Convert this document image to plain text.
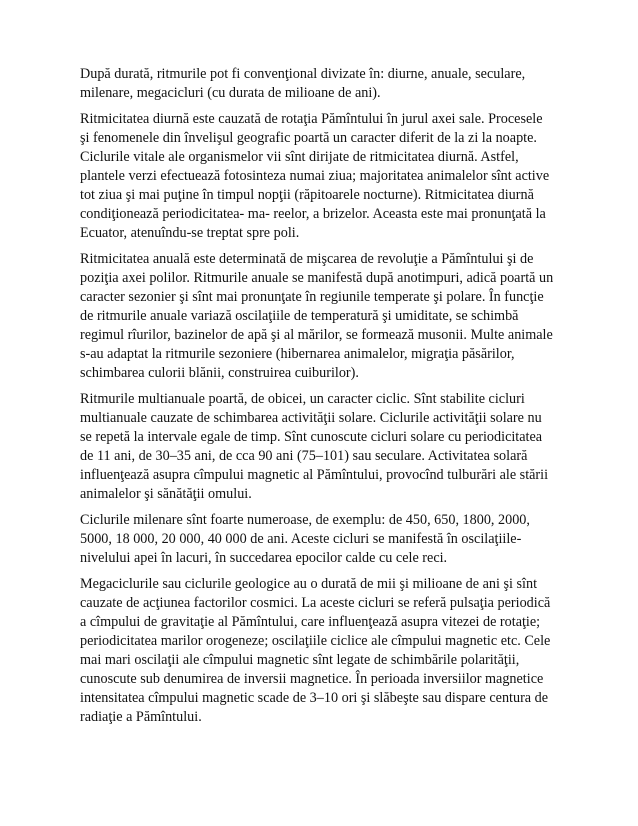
După durată, ritmurile pot fi convenţional divizate în: diurne, anuale, seculare,
milenare, megacicluri (cu durata de milioane de ani).
Ritmicitatea diurnă este cauzată de rotaţia Pămîntului în jurul axei sale. Procesele
şi fenomenele din învelişul geografic poartă un caracter diferit de la zi la noapte.
Ciclurile vitale ale organismelor vii sînt dirijate de ritmicitatea diurnă. Astfel,
plantele verzi efectuează fotosinteza numai ziua; majoritatea animalelor sînt active
tot ziua şi mai puţine în timpul nopţii (răpitoarele nocturne). Ritmicitatea diurnă
condiţionează periodicitatea- ma- reelor, a brizelor. Aceasta este mai pronunţată la
Ecuator, atenuîndu-se treptat spre poli.
Ritmicitatea anuală este determinată de mişcarea de revoluţie a Pămîntului şi de
poziţia axei polilor. Ritmurile anuale se manifestă după anotimpuri, adică poartă un
caracter sezonier şi sînt mai pronunţate în regiunile temperate şi polare. În funcţie
de ritmurile anuale variază oscilaţiile de temperatură şi umiditate, se schimbă
regimul rîurilor, bazinelor de apă şi al mărilor, se formează musonii. Multe animale
s-au adaptat la ritmurile sezoniere (hibernarea animalelor, migraţia păsărilor,
schimbarea culorii blănii, construirea cuiburilor).
Ritmurile multianuale poartă, de obicei, un caracter ciclic. Sînt stabilite cicluri
multianuale cauzate de schimbarea activităţii solare. Ciclurile activităţii solare nu
se repetă la intervale egale de timp. Sînt cunoscute cicluri solare cu periodicitatea
de 11 ani, de 30–35 ani, de cca 90 ani (75–101) sau seculare. Activitatea solară
influenţează asupra cîmpului magnetic al Pămîntului, provocînd tulburări ale stării
animalelor şi sănătăţii omului.
Ciclurile milenare sînt foarte numeroase, de exemplu: de 450, 650, 1800, 2000,
5000, 18 000, 20 000, 40 000 de ani. Aceste cicluri se manifestă în oscilaţiile-
nivelului apei în lacuri, în succedarea epocilor calde cu cele reci.
Megaciclurile sau ciclurile geologice au o durată de mii şi milioane de ani şi sînt
cauzate de acţiunea factorilor cosmici. La aceste cicluri se referă pulsaţia periodică
a cîmpului de gravitaţie al Pămîntului, care influenţează asupra vitezei de rotaţie;
periodicitatea marilor orogeneze; oscilaţiile ciclice ale cîmpului magnetic etc. Cele
mai mari oscilaţii ale cîmpului magnetic sînt legate de schimbările polarităţii,
cunoscute sub denumirea de inversii magnetice. În perioada inversiilor magnetice
intensitatea cîmpului magnetic scade de 3–10 ori şi slăbeşte sau dispare centura de
radiaţie a Pămîntului.
